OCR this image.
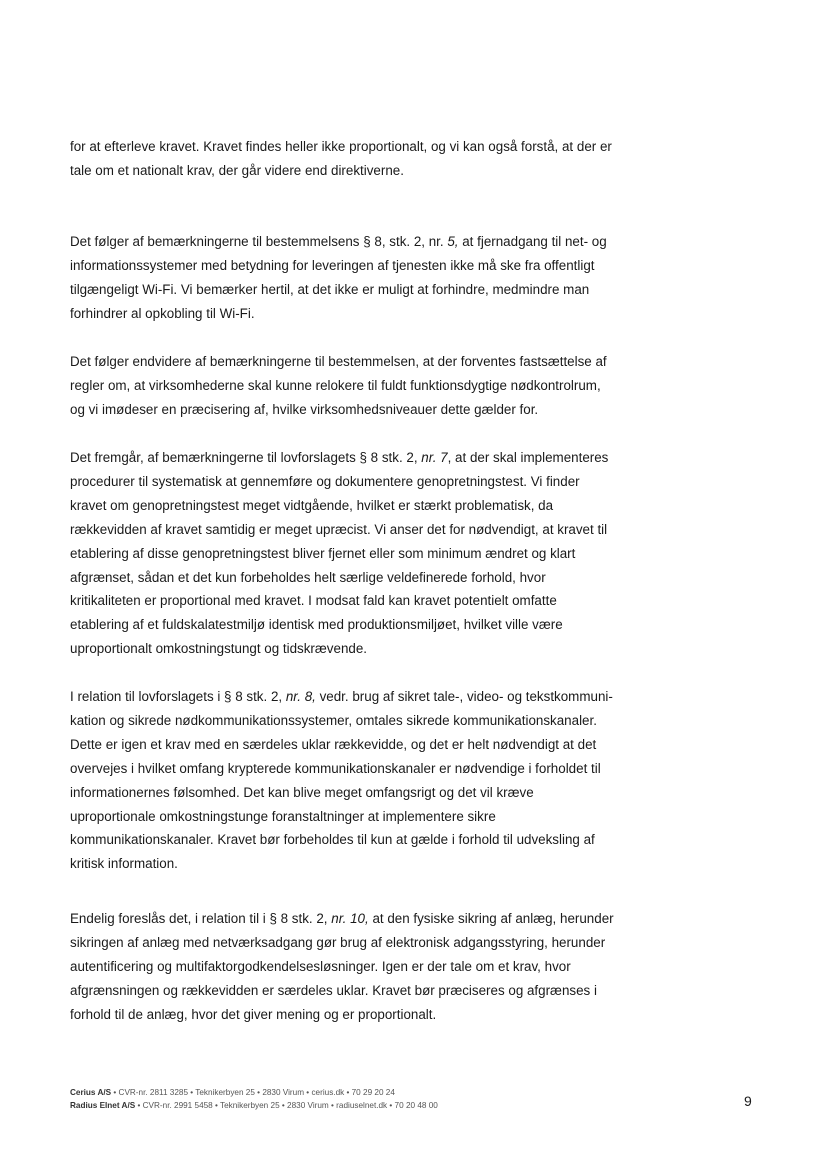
for at efterleve kravet. Kravet findes heller ikke proportionalt, og vi kan også forstå, at der er
tale om et nationalt krav, der går videre end direktiverne.

Det følger af bemærkningerne til bestemmelsens § 8, stk. 2, nr. 5, at fjernadgang til net- og
informationssystemer med betydning for leveringen af tjenesten ikke må ske fra offentligt
tilgængeligt Wi-Fi. Vi bemærker hertil, at det ikke er muligt at forhindre, medmindre man
forhindrer al opkobling til Wi-Fi.

Det følger endvidere af bemærkningerne til bestemmelsen, at der forventes fastsættelse af
regler om, at virksomhederne skal kunne relokere til fuldt funktionsdygtige nødkontrolrum,
og vi imødeser en præcisering af, hvilke virksomhedsniveauer dette gælder for.

Det fremgår, af bemærkningerne til lovforslagets § 8 stk. 2, nr. 7, at der skal implementeres
procedurer til systematisk at gennemføre og dokumentere genopretningstest. Vi finder
kravet om genopretningstest meget vidtgående, hvilket er stærkt problematisk, da
rækkevidden af kravet samtidig er meget upræcist. Vi anser det for nødvendigt, at kravet til
etablering af disse genopretningstest bliver fjernet eller som minimum ændret og klart
afgrænset, sådan et det kun forbeholdes helt særlige veldefinerede forhold, hvor
kritikaliteten er proportional med kravet. I modsat fald kan kravet potentielt omfatte
etablering af et fuldskalatestmiljø identisk med produktionsmiljøet, hvilket ville være
uproportionalt omkostningstungt og tidskrævende.

I relation til lovforslagets i § 8 stk. 2, nr. 8, vedr. brug af sikret tale-, video- og tekstkommuni-
kation og sikrede nødkommunikationssystemer, omtales sikrede kommunikationskanaler.
Dette er igen et krav med en særdeles uklar rækkevidde, og det er helt nødvendigt at det
overvejes i hvilket omfang krypterede kommunikationskanaler er nødvendige i forholdet til
informationernes følsomhed. Det kan blive meget omfangsrigt og det vil kræve
uproportionale omkostningstunge foranstaltninger at implementere sikre
kommunikationskanaler. Kravet bør forbeholdes til kun at gælde i forhold til udveksling af
kritisk information.

Endelig foreslås det, i relation til i § 8 stk. 2, nr. 10, at den fysiske sikring af anlæg, herunder
sikringen af anlæg med netværksadgang gør brug af elektronisk adgangsstyring, herunder
autentificering og multifaktorgodkendelsesløsninger. Igen er der tale om et krav, hvor
afgrænsningen og rækkevidden er særdeles uklar. Kravet bør præciseres og afgrænses i
forhold til de anlæg, hvor det giver mening og er proportionalt.

Cerius A/S • CVR-nr. 2811 3285 • Teknikerbyen 25 • 2830 Virum • cerius.dk • 70 29 20 24
Radius Elnet A/S • CVR-nr. 2991 5458 • Teknikerbyen 25 • 2830 Virum • radiuselnet.dk • 70 20 48 00	9
